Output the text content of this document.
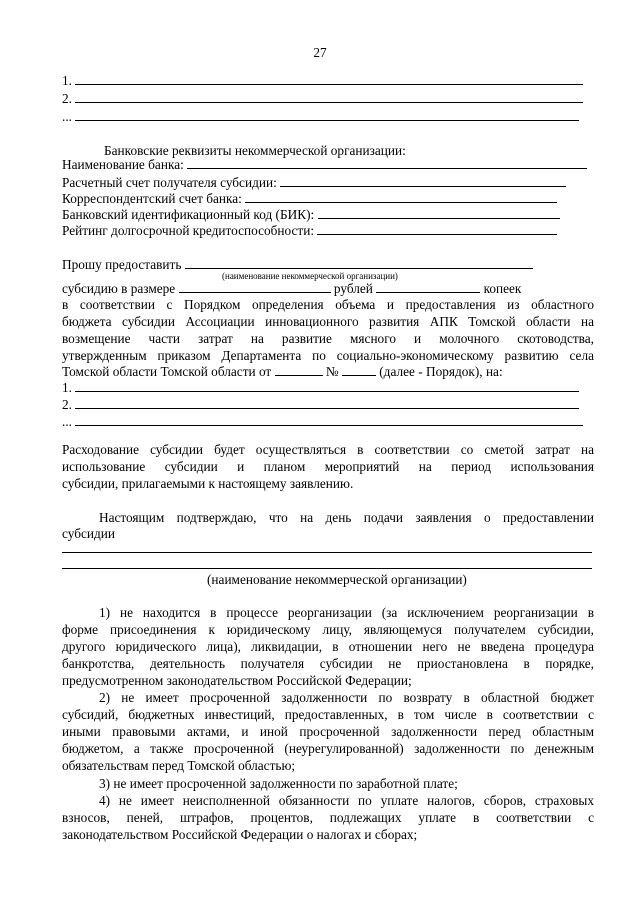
27
1.
2.
...
Банковские реквизиты некоммерческой организации:
Наименование банка:
Расчетный счет получателя субсидии:
Корреспондентский счет банка:
Банковский идентификационный код (БИК):
Рейтинг долгосрочной кредитоспособности:
Прошу предоставить
(наименование некоммерческой организации)
субсидию в размере	рублей	копеек
в соответствии с Порядком определения объема и предоставления из областного
бюджета субсидии Ассоциации инновационного развития АПК Томской области на
возмещение части затрат на развитие мясного и молочного скотоводства,
утвержденным приказом Департамента по социально-экономическому развитию села
Томской области Томской области от	№	(далее - Порядок), на:
1.
2.
...
Расходование субсидии будет осуществляться в соответствии со сметой затрат на
использование субсидии и планом мероприятий на период использования
субсидии, прилагаемыми к настоящему заявлению.
Настоящим подтверждаю, что на день подачи заявления о предоставлении
субсидии
(наименование некоммерческой организации)
1) не находится в процессе реорганизации (за исключением реорганизации в
форме присоединения к юридическому лицу, являющемуся получателем субсидии,
другого юридического лица), ликвидации, в отношении него не введена процедура
банкротства, деятельность получателя субсидии не приостановлена в порядке,
предусмотренном законодательством Российской Федерации;
2) не имеет просроченной задолженности по возврату в областной бюджет
субсидий, бюджетных инвестиций, предоставленных, в том числе в соответствии с
иными правовыми актами, и иной просроченной задолженности перед областным
бюджетом, а также просроченной (неурегулированной) задолженности по денежным
обязательствам перед Томской областью;
3) не имеет просроченной задолженности по заработной плате;
4) не имеет неисполненной обязанности по уплате налогов, сборов, страховых
взносов, пеней, штрафов, процентов, подлежащих уплате в соответствии с
законодательством Российской Федерации о налогах и сборах;
